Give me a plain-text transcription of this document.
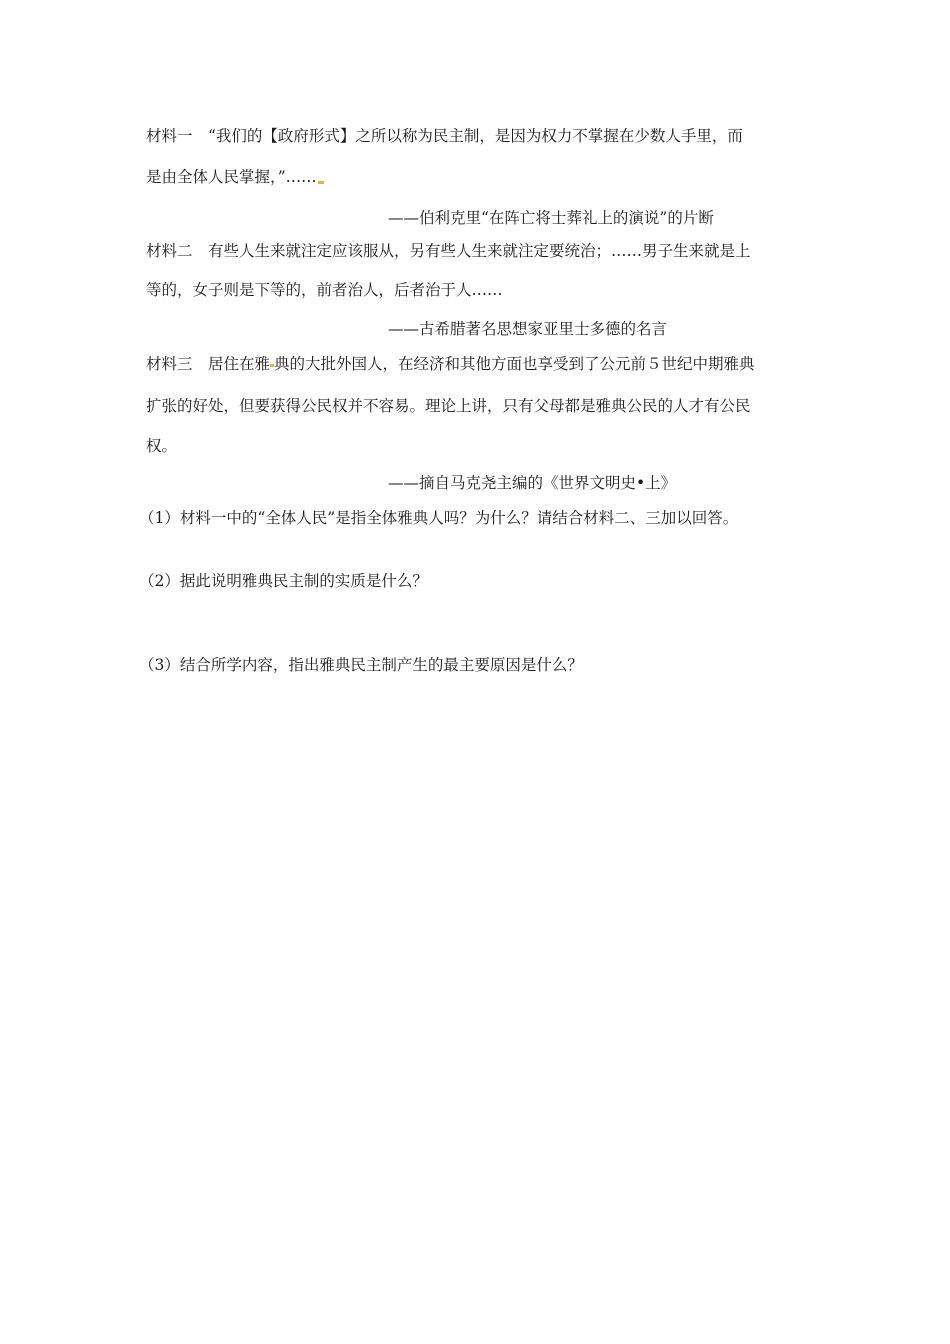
材料一　“我们的【政府形式】之所以称为民主制，是因为权力不掌握在少数人手里，而
是由全体人民掌握，”……
——伯利克里“在阵亡将士葬礼上的演说”的片断
材料二　有些人生来就注定应该服从，另有些人生来就注定要统治；……男子生来就是上
等的，女子则是下等的，前者治人，后者治于人……
——古希腊著名思想家亚里士多德的名言
材料三　居住在雅 典的大批外国人，在经济和其他方面也享受到了公元前５世纪中期雅典
扩张的好处，但要获得公民权并不容易。理论上讲，只有父母都是雅典公民的人才有公民
权。
——摘自马克尧主编的《世界文明史•上》
（1）材料一中的“全体人民”是指全体雅典人吗？为什么？请结合材料二、三加以回答。
（2）据此说明雅典民主制的实质是什么？
（3）结合所学内容，指出雅典民主制产生的最主要原因是什么？
